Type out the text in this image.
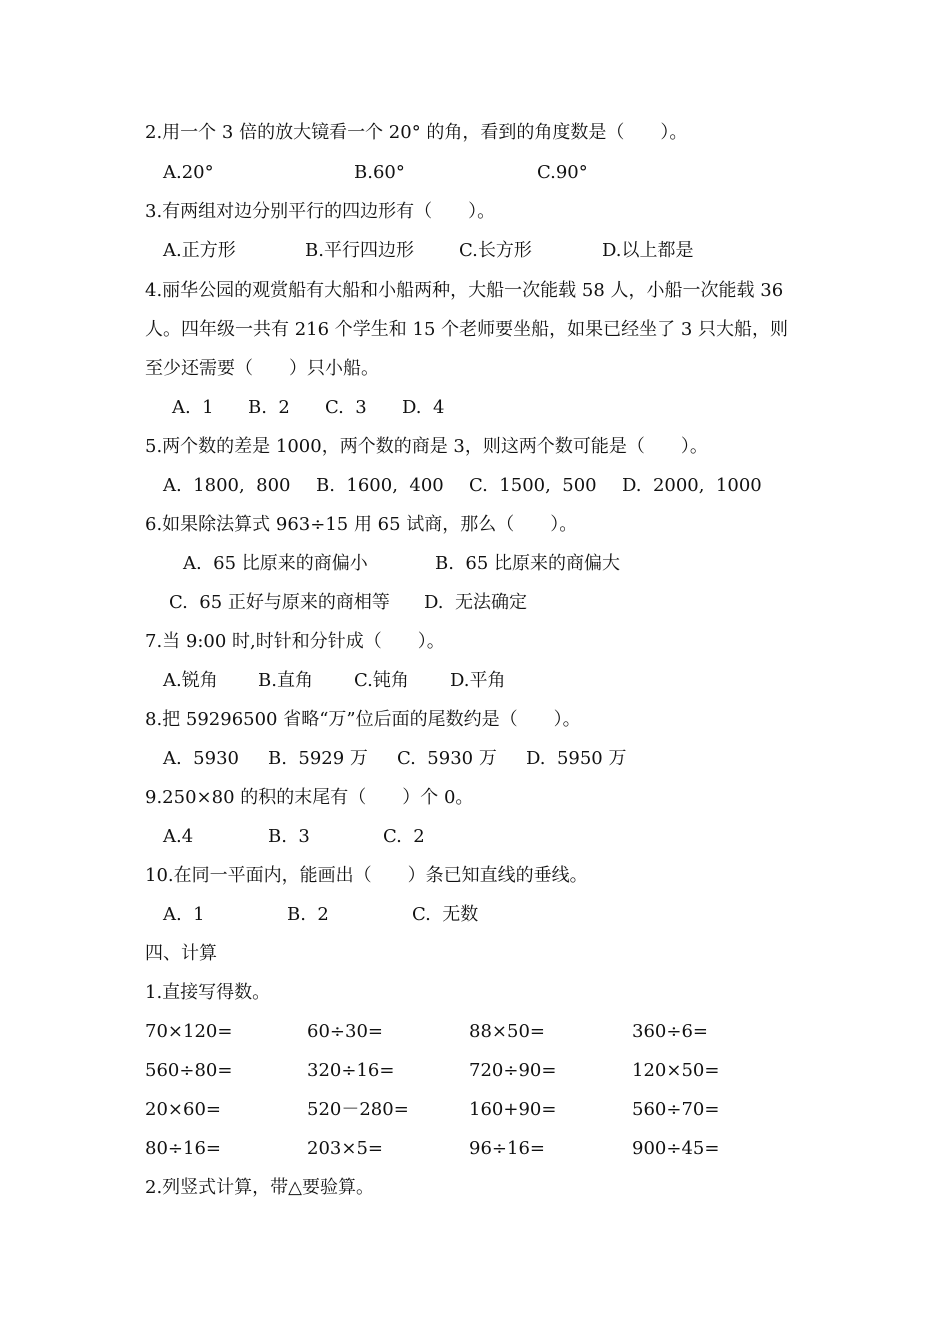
2.用一个 3 倍的放大镜看一个 20° 的角，看到的角度数是（　　）。
A.20°	B.60°	C.90°
3.有两组对边分别平行的四边形有（　　）。
A.正方形	B.平行四边形	C.长方形	D.以上都是
4.丽华公园的观赏船有大船和小船两种，大船一次能载 58 人，小船一次能载 36
人。四年级一共有 216 个学生和 15 个老师要坐船，如果已经坐了 3 只大船，则
至少还需要（　　）只小船。
A.  1 B.  2 C.  3 D.  4
5.两个数的差是 1000，两个数的商是 3，则这两个数可能是（　　）。
A.  1800,  800 B.  1600,  400 C.  1500,  500 D.  2000,  1000
6.如果除法算式 963÷15 用 65 试商，那么（　　）。
A.  65 比原来的商偏小	B.  65 比原来的商偏大
C.  65 正好与原来的商相等 D.  无法确定
7.当 9:00 时,时针和分针成（　　）。
A.锐角 B.直角 C.钝角 D.平角
8.把 59296500 省略“万”位后面的尾数约是（　　）。
A.  5930 B.  5929 万 C.  5930 万 D.  5950 万
9.250×80 的积的末尾有（　　）个 0。
A.4	B.  3	C.  2
10.在同一平面内，能画出（　　）条已知直线的垂线。
A.  1	B.  2	C.  无数
四、计算
1.直接写得数。
70×120=	60÷30=	88×50=	360÷6=
560÷80=	320÷16=	720÷90=	120×50=
20×60=	520－280=	160+90=	560÷70=
80÷16=	203×5=	96÷16=	900÷45=
2.列竖式计算，带△要验算。
